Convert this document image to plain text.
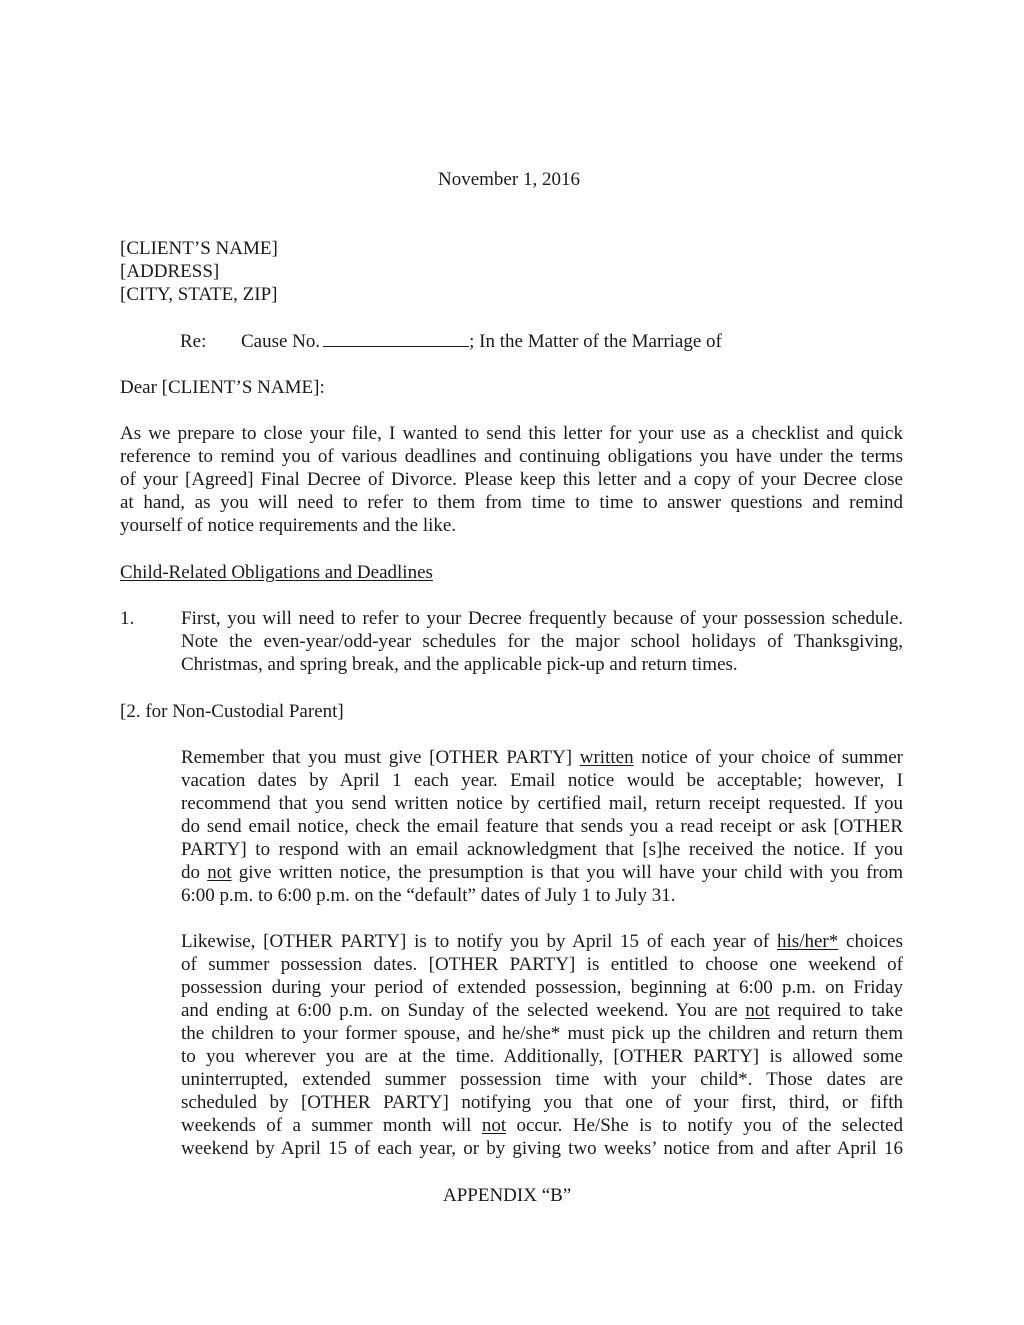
November 1, 2016
[CLIENT’S NAME]
[ADDRESS]
[CITY, STATE, ZIP]
Re: Cause No.	; In the Matter of the Marriage of
Dear [CLIENT’S NAME]:
As we prepare to close your file, I wanted to send this letter for your use as a checklist and quick
reference to remind you of various deadlines and continuing obligations you have under the terms
of your [Agreed] Final Decree of Divorce. Please keep this letter and a copy of your Decree close
at hand, as you will need to refer to them from time to time to answer questions and remind
yourself of notice requirements and the like.
Child-Related Obligations and Deadlines
1. First, you will need to refer to your Decree frequently because of your possession schedule.
Note the even-year/odd-year schedules for the major school holidays of Thanksgiving,
Christmas, and spring break, and the applicable pick-up and return times.
[2. for Non-Custodial Parent]
Remember that you must give [OTHER PARTY] written notice of your choice of summer
vacation dates by April 1 each year. Email notice would be acceptable; however, I
recommend that you send written notice by certified mail, return receipt requested. If you
do send email notice, check the email feature that sends you a read receipt or ask [OTHER
PARTY] to respond with an email acknowledgment that [s]he received the notice. If you
do not give written notice, the presumption is that you will have your child with you from
6:00 p.m. to 6:00 p.m. on the “default” dates of July 1 to July 31.
Likewise, [OTHER PARTY] is to notify you by April 15 of each year of his/her* choices
of summer possession dates. [OTHER PARTY] is entitled to choose one weekend of
possession during your period of extended possession, beginning at 6:00 p.m. on Friday
and ending at 6:00 p.m. on Sunday of the selected weekend. You are not required to take
the children to your former spouse, and he/she* must pick up the children and return them
to you wherever you are at the time. Additionally, [OTHER PARTY] is allowed some
uninterrupted, extended summer possession time with your child*. Those dates are
scheduled by [OTHER PARTY] notifying you that one of your first, third, or fifth
weekends of a summer month will not occur. He/She is to notify you of the selected
weekend by April 15 of each year, or by giving two weeks’ notice from and after April 16
APPENDIX “B”
